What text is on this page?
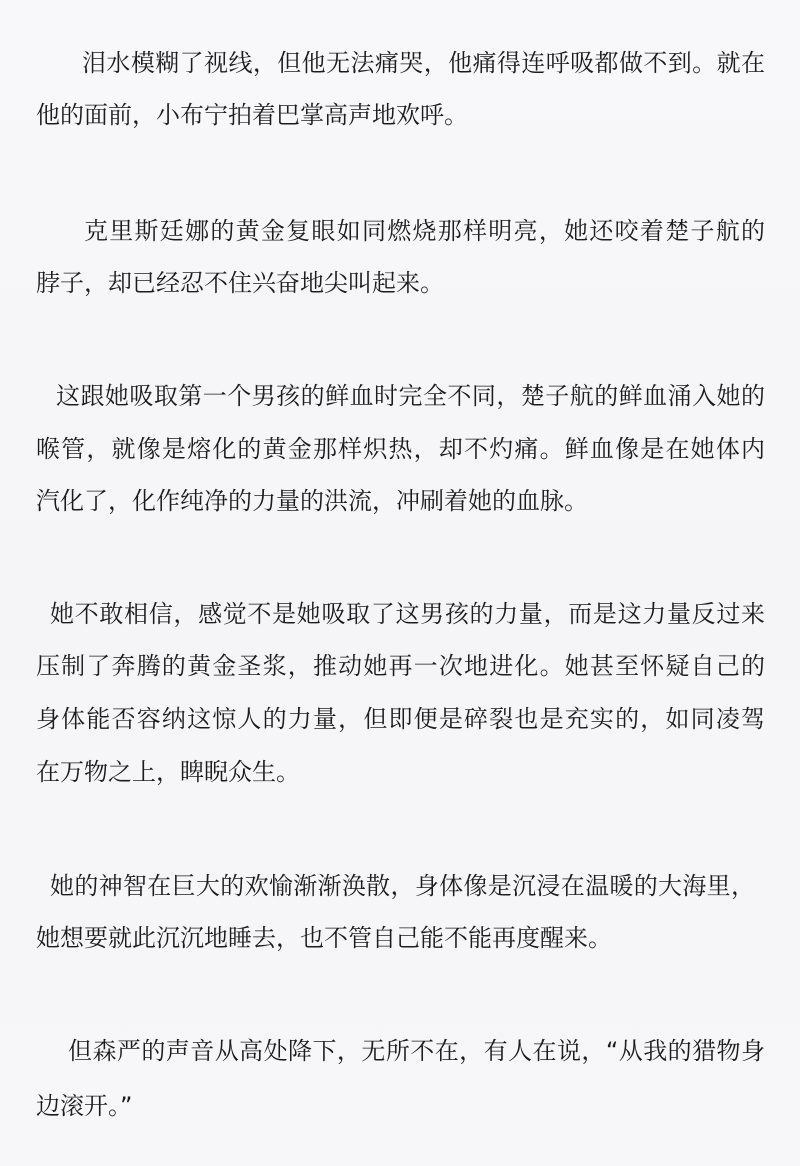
泪水模糊了视线，但他无法痛哭，他痛得连呼吸都做不到。就在
他的面前，小布宁拍着巴掌高声地欢呼。

克里斯廷娜的黄金复眼如同燃烧那样明亮，她还咬着楚子航的
脖子，却已经忍不住兴奋地尖叫起来。

这跟她吸取第一个男孩的鲜血时完全不同，楚子航的鲜血涌入她的
喉管，就像是熔化的黄金那样炽热，却不灼痛。鲜血像是在她体内
汽化了，化作纯净的力量的洪流，冲刷着她的血脉。

她不敢相信，感觉不是她吸取了这男孩的力量，而是这力量反过来
压制了奔腾的黄金圣浆，推动她再一次地进化。她甚至怀疑自己的
身体能否容纳这惊人的力量，但即便是碎裂也是充实的，如同凌驾
在万物之上，睥睨众生。

她的神智在巨大的欢愉渐渐涣散，身体像是沉浸在温暖的大海里，
她想要就此沉沉地睡去，也不管自己能不能再度醒来。

但森严的声音从高处降下，无所不在，有人在说，“从我的猎物身
边滚开。”
